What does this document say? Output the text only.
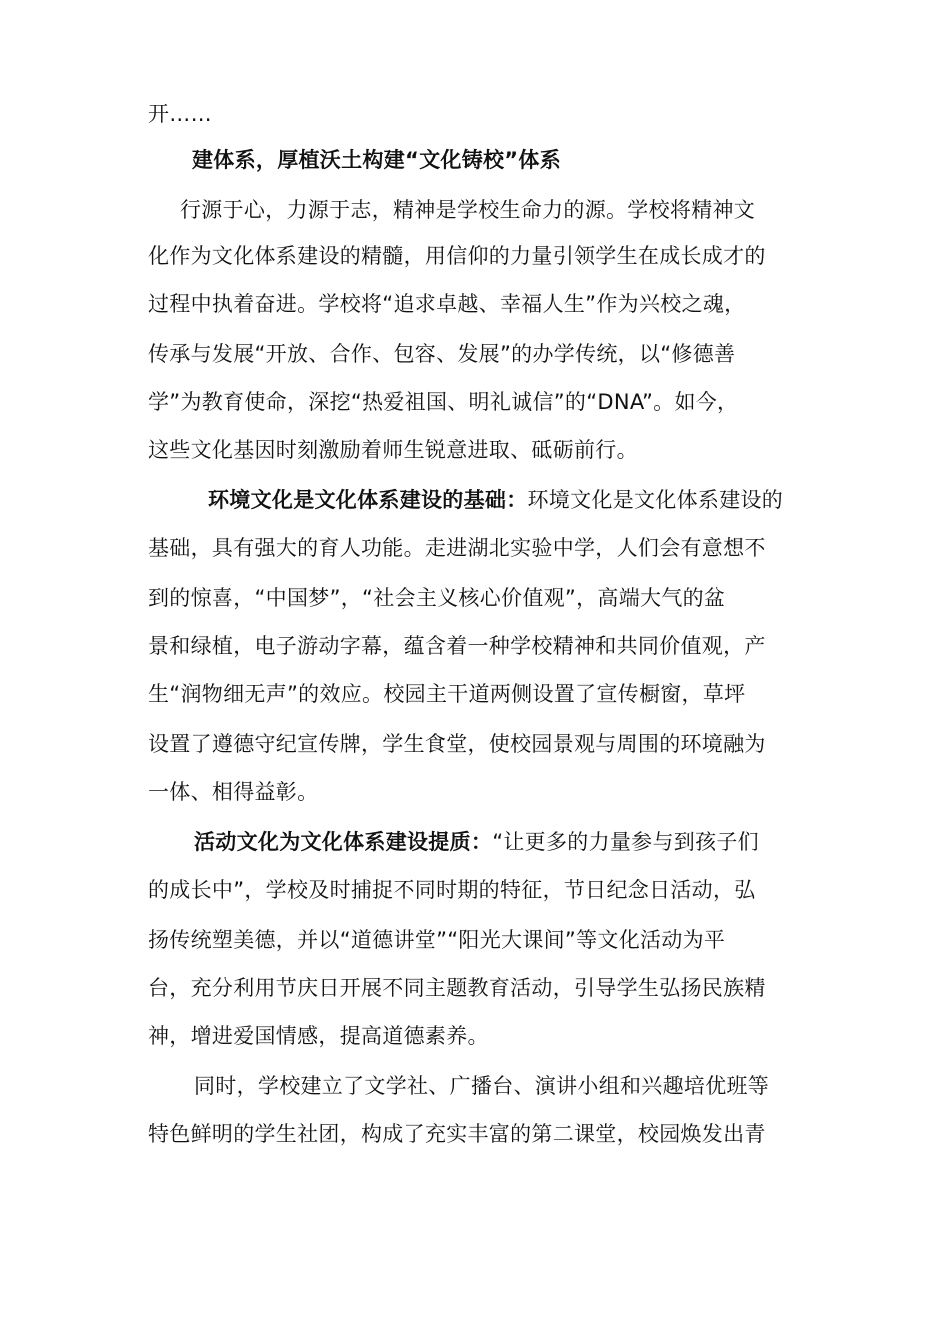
开……
建体系，厚植沃土构建“文化铸校”体系
行源于心，力源于志，精神是学校生命力的源。学校将精神文
化作为文化体系建设的精髓，用信仰的力量引领学生在成长成才的
过程中执着奋进。学校将“追求卓越、幸福人生”作为兴校之魂，
传承与发展“开放、合作、包容、发展”的办学传统，以“修德善
学”为教育使命，深挖“热爱祖国、明礼诚信”的“DNA”。如今，
这些文化基因时刻激励着师生锐意进取、砥砺前行。
环境文化是文化体系建设的基础：环境文化是文化体系建设的
基础，具有强大的育人功能。走进湖北实验中学，人们会有意想不
到的惊喜，“中国梦”，“社会主义核心价值观”，高端大气的盆
景和绿植，电子游动字幕，蕴含着一种学校精神和共同价值观，产
生“润物细无声”的效应。校园主干道两侧设置了宣传橱窗，草坪
设置了遵德守纪宣传牌，学生食堂，使校园景观与周围的环境融为
一体、相得益彰。
活动文化为文化体系建设提质：“让更多的力量参与到孩子们
的成长中”，学校及时捕捉不同时期的特征，节日纪念日活动，弘
扬传统塑美德，并以“道德讲堂”“阳光大课间”等文化活动为平
台，充分利用节庆日开展不同主题教育活动，引导学生弘扬民族精
神，增进爱国情感，提高道德素养。
同时，学校建立了文学社、广播台、演讲小组和兴趣培优班等
特色鲜明的学生社团，构成了充实丰富的第二课堂，校园焕发出青
